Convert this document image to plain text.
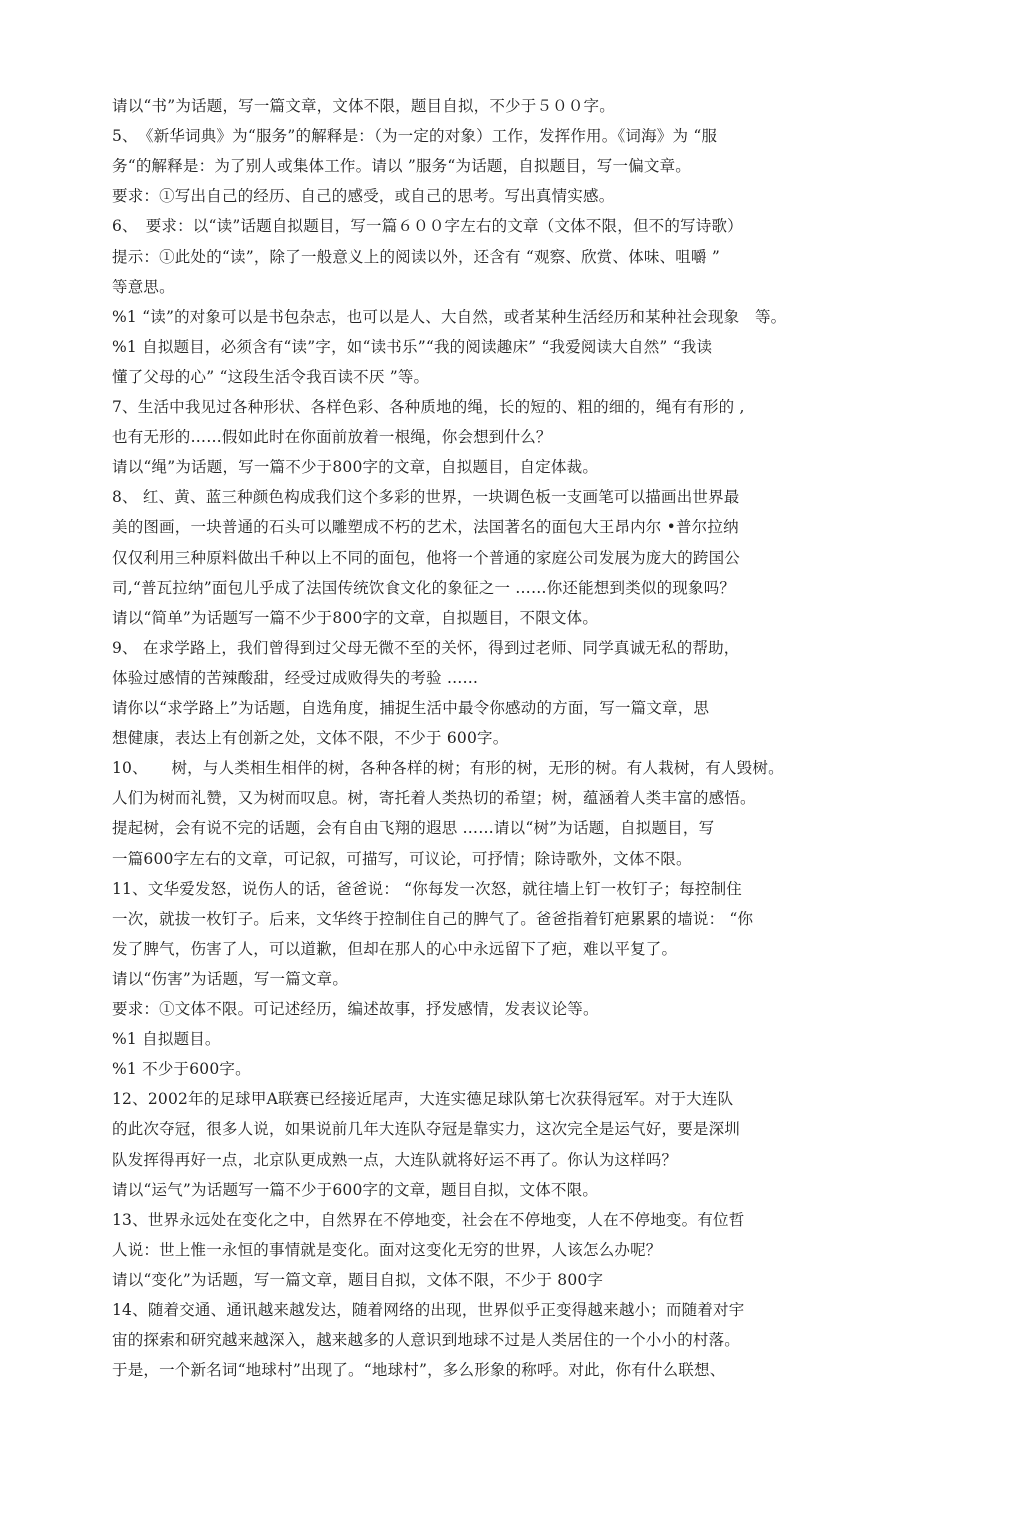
请以“书”为话题，写一篇文章，文体不限，题目自拟，不少于５００字。
5、　《新华词典》为“服务”的解释是：（为一定的对象）工作，发挥作用。《词海》为 “服
务“的解释是：为了别人或集体工作。请以 ”服务“为话题，自拟题目，写一偏文章。
要求：①写出自己的经历、自己的感受，或自己的思考。写出真情实感。
6、　要求：以“读”话题自拟题目，写一篇６００字左右的文章（文体不限，但不的写诗歌）
提示：①此处的“读”，除了一般意义上的阅读以外，还含有 “观察、欣赏、体味、咀嚼 ”
等意思。
%1 “读”的对象可以是书包杂志，也可以是人、大自然，或者某种生活经历和某种社会现象　等。
%1 自拟题目，必须含有“读”字，如“读书乐”“我的阅读趣床” “我爱阅读大自然” “我读
懂了父母的心” “这段生活令我百读不厌 ”等。
7、生活中我见过各种形状、各样色彩、各种质地的绳，长的短的、粗的细的，绳有有形的 ,
也有无形的……假如此时在你面前放着一根绳，你会想到什么？
请以“绳”为话题，写一篇不少于800字的文章，自拟题目，自定体裁。
8、 红、黄、蓝三种颜色构成我们这个多彩的世界，一块调色板一支画笔可以描画出世界最
美的图画，一块普通的石头可以雕塑成不朽的艺术，法国著名的面包大王昂内尔 •普尔拉纳
仅仅利用三种原料做出千种以上不同的面包，他将一个普通的家庭公司发展为庞大的跨国公
司,“普瓦拉纳”面包儿乎成了法国传统饮食文化的象征之一 ……你还能想到类似的现象吗？
请以“简单”为话题写一篇不少于800字的文章，自拟题目，不限文体。
9、 在求学路上，我们曾得到过父母无微不至的关怀，得到过老师、同学真诚无私的帮助，
体验过感情的苦辣酸甜，经受过成败得失的考验 ……
请你以“求学路上”为话题，自选角度，捕捉生活中最令你感动的方面，写一篇文章，思
想健康，表达上有创新之处，文体不限，不少于 600字。
10、　　树，与人类相生相伴的树，各种各样的树；有形的树，无形的树。有人栽树，有人毁树。
人们为树而礼赞，又为树而叹息。树，寄托着人类热切的希望；树，蕴涵着人类丰富的感悟。
提起树，会有说不完的话题，会有自由飞翔的遐思 ……请以“树”为话题，自拟题目，写
一篇600字左右的文章，可记叙，可描写，可议论，可抒情；除诗歌外，文体不限。
11、文华爱发怒，说伤人的话，爸爸说： “你每发一次怒，就往墙上钉一枚钉子；每控制住
一次，就拔一枚钉子。后来，文华终于控制住自己的脾气了。爸爸指着钉疤累累的墙说： “你
发了脾气，伤害了人，可以道歉，但却在那人的心中永远留下了疤，难以平复了。
请以“伤害”为话题，写一篇文章。
要求：①文体不限。可记述经历，编述故事，抒发感情，发表议论等。
%1 自拟题目。
%1 不少于600字。
12、2002年的足球甲A联赛已经接近尾声，大连实德足球队第七次获得冠军。对于大连队
的此次夺冠，很多人说，如果说前几年大连队夺冠是靠实力，这次完全是运气好，要是深圳
队发挥得再好一点，北京队更成熟一点，大连队就将好运不再了。你认为这样吗？
请以“运气”为话题写一篇不少于600字的文章，题目自拟，文体不限。
13、世界永远处在变化之中，自然界在不停地变，社会在不停地变，人在不停地变。有位哲
人说：世上惟一永恒的事情就是变化。面对这变化无穷的世界，人该怎么办呢？
请以“变化”为话题，写一篇文章，题目自拟，文体不限，不少于 800字
14、随着交通、通讯越来越发达，随着网络的出现，世界似乎正变得越来越小；而随着对宇
宙的探索和研究越来越深入，越来越多的人意识到地球不过是人类居住的一个小小的村落。
于是，一个新名词“地球村”出现了。“地球村”，多么形象的称呼。对此，你有什么联想、
